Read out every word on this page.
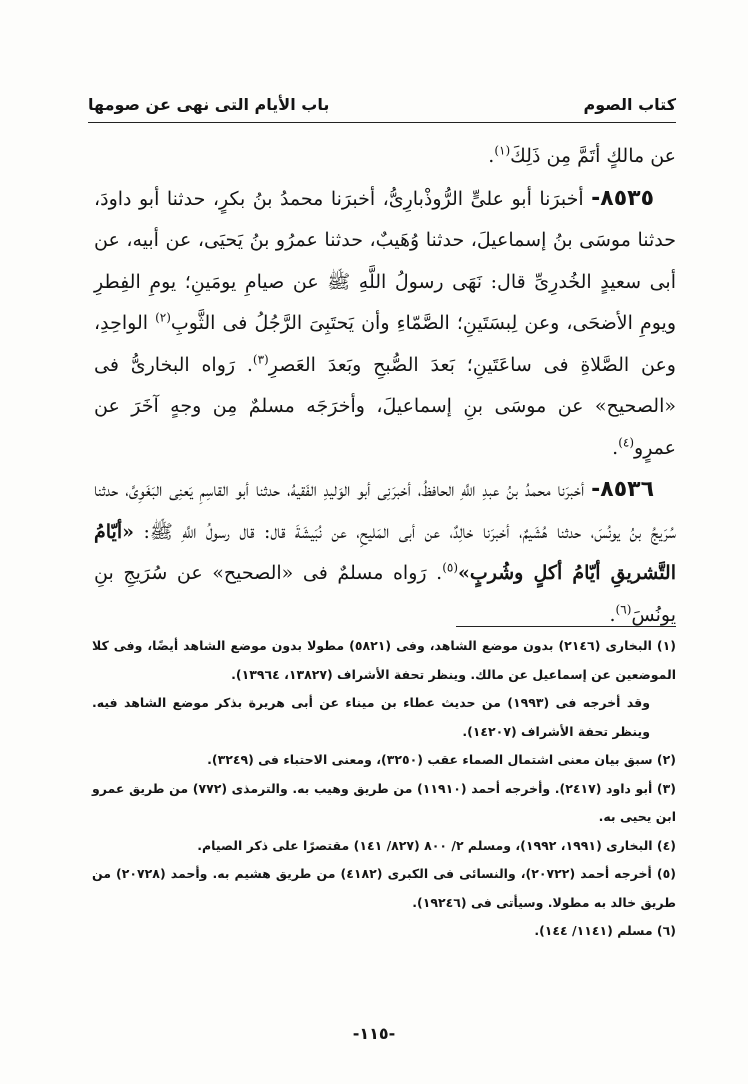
كتاب الصوم
باب الأيام التى نهى عن صومها

عن مالكٍ أتَمَّ مِن ذَلِكَ$^{(١)}$.

٨٥٣٥- أخبرَنا أبو علىٍّ الرُّوذْبارِىُّ، أخبرَنا محمدُ بنُ بكرٍ، حدثنا أبو داودَ، حدثنا موسَى بنُ إسماعيلَ، حدثنا وُهَيبٌ، حدثنا عمرُو بنُ يَحيَى، عن أبيه، عن أبى سعيدٍ الخُدرِىِّ قال: نَهَى رسولُ اللَّهِ ﷺ عن صيامِ يومَينِ؛ يومِ الفِطرِ ويومِ الأضحَى، وعن لِبسَتَينِ؛ الصَّمّاءِ وأن يَحتَبِىَ الرَّجُلُ فى الثَّوبِ$^{(٢)}$ الواحِدِ، وعن الصَّلاةِ فى ساعَتَينِ؛ بَعدَ الصُّبحِ وبَعدَ العَصرِ$^{(٣)}$. رَواه البخارىُّ فى «الصحيح» عن موسَى بنِ إسماعيلَ، وأخرَجَه مسلمٌ مِن وجهٍ آخَرَ عن عمرٍو$^{(٤)}$.

٨٥٣٦- أخبرَنا محمدُ بنُ عبدِ اللَّهِ الحافظُ، أخبرَنِى أبو الوَليدِ الفَقيهُ، حدثنا أبو القاسِمِ يَعنِى البَغَوِىَّ، حدثنا سُرَيجُ بنُ يونُسَ، حدثنا هُشَيمٌ، أخبرَنا خالِدٌ، عن أبى المَليحِ، عن نُبَيشَةَ قال: قال رسولُ اللَّهِ ﷺ: «أيّامُ التَّشريقِ أيّامُ أكلٍ وشُربٍ»$^{(٥)}$. رَواه مسلمٌ فى «الصحيح» عن سُرَيجِ بنِ يونُسَ$^{(٦)}$.

(١) البخارى (٢١٤٦) بدون موضع الشاهد، وفى (٥٨٢١) مطولا بدون موضع الشاهد أيضًا، وفى كلا الموضعين عن إسماعيل عن مالك. وينظر تحفة الأشراف (١٣٨٢٧، ١٣٩٦٤).

وقد أخرجه فى (١٩٩٣) من حديث عطاء بن ميناء عن أبى هريرة بذكر موضع الشاهد فيه. وينظر تحفة الأشراف (١٤٢٠٧).

(٢) سبق بيان معنى اشتمال الصماء عقب (٣٢٥٠)، ومعنى الاحتباء فى (٣٢٤٩).

(٣) أبو داود (٢٤١٧). وأخرجه أحمد (١١٩١٠) من طريق وهيب به. والترمذى (٧٧٢) من طريق عمرو ابن يحيى به.

(٤) البخارى (١٩٩١، ١٩٩٢)، ومسلم ٢/ ٨٠٠ (٨٢٧/ ١٤١) مقتصرًا على ذكر الصيام.

(٥) أخرجه أحمد (٢٠٧٢٢)، والنسائى فى الكبرى (٤١٨٢) من طريق هشيم به. وأحمد (٢٠٧٢٨) من طريق خالد به مطولا. وسيأتى فى (١٩٢٤٦).

(٦) مسلم (١١٤١/ ١٤٤).

-١١٥-
